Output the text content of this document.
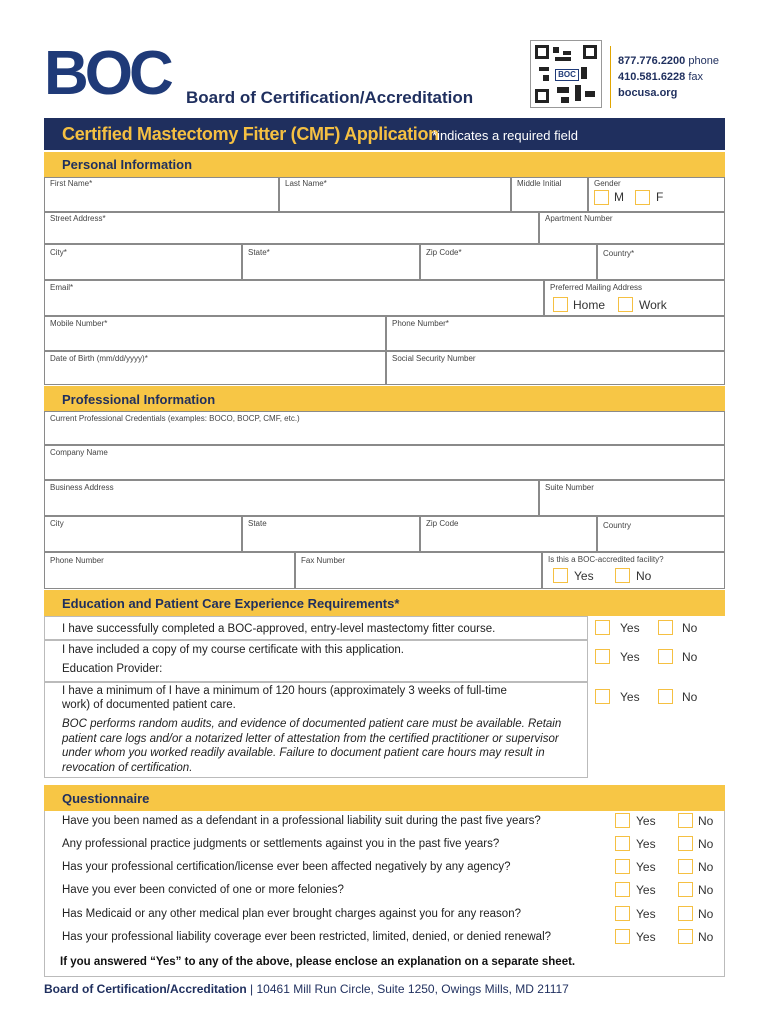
BOC Board of Certification/Accreditation
BOC
877.776.2200 phone
410.581.6228 fax
bocusa.org
Certified Mastectomy Fitter (CMF) Application
*indicates a required field
Personal Information
First Name*	Last Name*	Middle Initial	Gender
M	F
Street Address*	Apartment Number
City*	State*	Zip Code*	Country*
Email*	Preferred Mailing Address
Home	Work
Mobile Number*	Phone Number*
Date of Birth (mm/dd/yyyy)*	Social Security Number
Professional Information
Current Professional Credentials (examples: BOCO, BOCP, CMF, etc.)
Company Name
Business Address	Suite Number
City	State	Zip Code	Country
Phone Number	Fax Number	Is this a BOC-accredited facility?
Yes	No
Education and Patient Care Experience Requirements*
I have successfully completed a BOC-approved, entry-level mastectomy fitter course.	Yes	No
I have included a copy of my course certificate with this application.
Education Provider:
Yes	No
I have a minimum of I have a minimum of 120 hours (approximately 3 weeks of full-time
work) of documented patient care.
BOC performs random audits, and evidence of documented patient care must be available. Retain patient care logs and/or a notarized letter of attestation from the certified practitioner or supervisor under whom you worked readily available. Failure to document patient care hours may result in revocation of certification.
Yes	No
Questionnaire
Have you been named as a defendant in a professional liability suit during the past five years?	Yes	No
Any professional practice judgments or settlements against you in the past five years?	Yes	No
Has your professional certification/license ever been affected negatively by any agency?	Yes	No
Have you ever been convicted of one or more felonies?	Yes	No
Has Medicaid or any other medical plan ever brought charges against you for any reason?	Yes	No
Has your professional liability coverage ever been restricted, limited, denied, or denied renewal?	Yes	No
If you answered “Yes” to any of the above, please enclose an explanation on a separate sheet.
Board of Certification/Accreditation | 10461 Mill Run Circle, Suite 1250, Owings Mills, MD 21117
